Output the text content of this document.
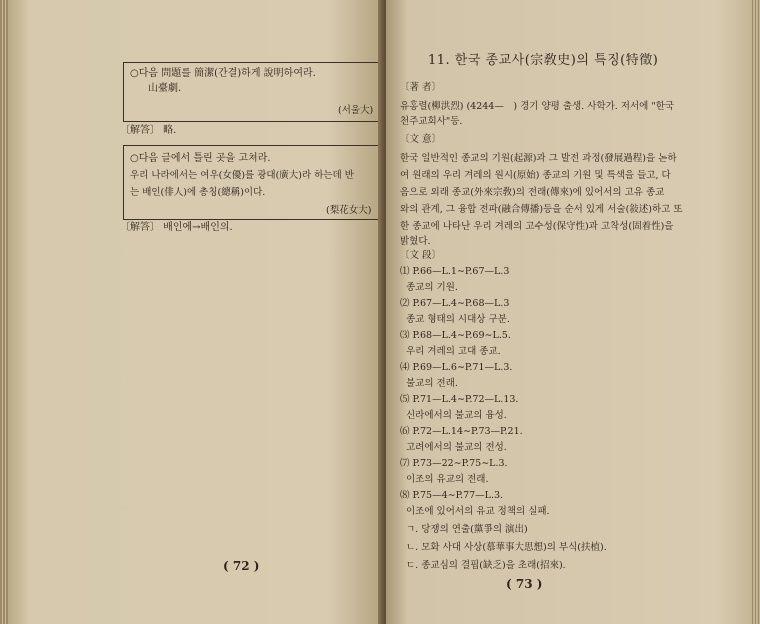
○다음 問題를 簡潔(간결)하게 說明하여라.
山臺劇.
(서울大)
〔解答〕 略.
○다음 글에서 틀린 곳을 고쳐라.
우리 나라에서는 여우(女優)를 광대(廣大)라 하는데 반
는 배인(俳人)에 총칭(總稱)이다.
(梨花女大)
〔解答〕 배인에→배인의.
( 72 )
11. 한국 종교사(宗敎史)의 특징(特徵)
〔著 者〕
유홍렬(柳洪烈) (4244—　) 경기 양평 출생. 사학가. 저서에 "한국
천주교회사"등.
〔文 意〕
한국 일반적인 종교의 기원(起源)과 그 발전 과정(發展過程)을 논하
여 원래의 우리 겨레의 원시(原始) 종교의 기원 및 특색을 들고, 다
음으로 외래 종교(外來宗敎)의 전래(傳來)에 있어서의 고유 종교
와의 관계, 그 융합 전파(融合傳播)등을 순서 있게 서술(敍述)하고 또
한 종교에 나타난 우리 겨레의 고수성(保守性)과 고착성(固着性)을
밝혔다.
〔文 段〕
⑴ P.66—L.1∼P.67—L.3
종교의 기원.
⑵ P.67—L.4∼P.68—L.3
종교 형태의 시대상 구분.
⑶ P.68—L.4∼P.69∼L.5.
우리 겨레의 고대 종교.
⑷ P.69—L.6∼P.71—L.3.
불교의 전래.
⑸ P.71—L.4∼P.72—L.13.
신라에서의 불교의 융성.
⑹ P.72—L.14∼P.73—P.21.
고려에서의 불교의 전성.
⑺ P.73—22∼P.75∼L.3.
이조의 유교의 전래.
⑻ P.75—4∼P.77—L.3.
이조에 있어서의 유교 정책의 실패.
ㄱ. 당쟁의 연출(黨爭의 演出)
ㄴ. 모화 사대 사상(慕華事大思想)의 부식(扶植).
ㄷ. 종교심의 결핍(缺乏)을 초래(招來).
( 73 )
